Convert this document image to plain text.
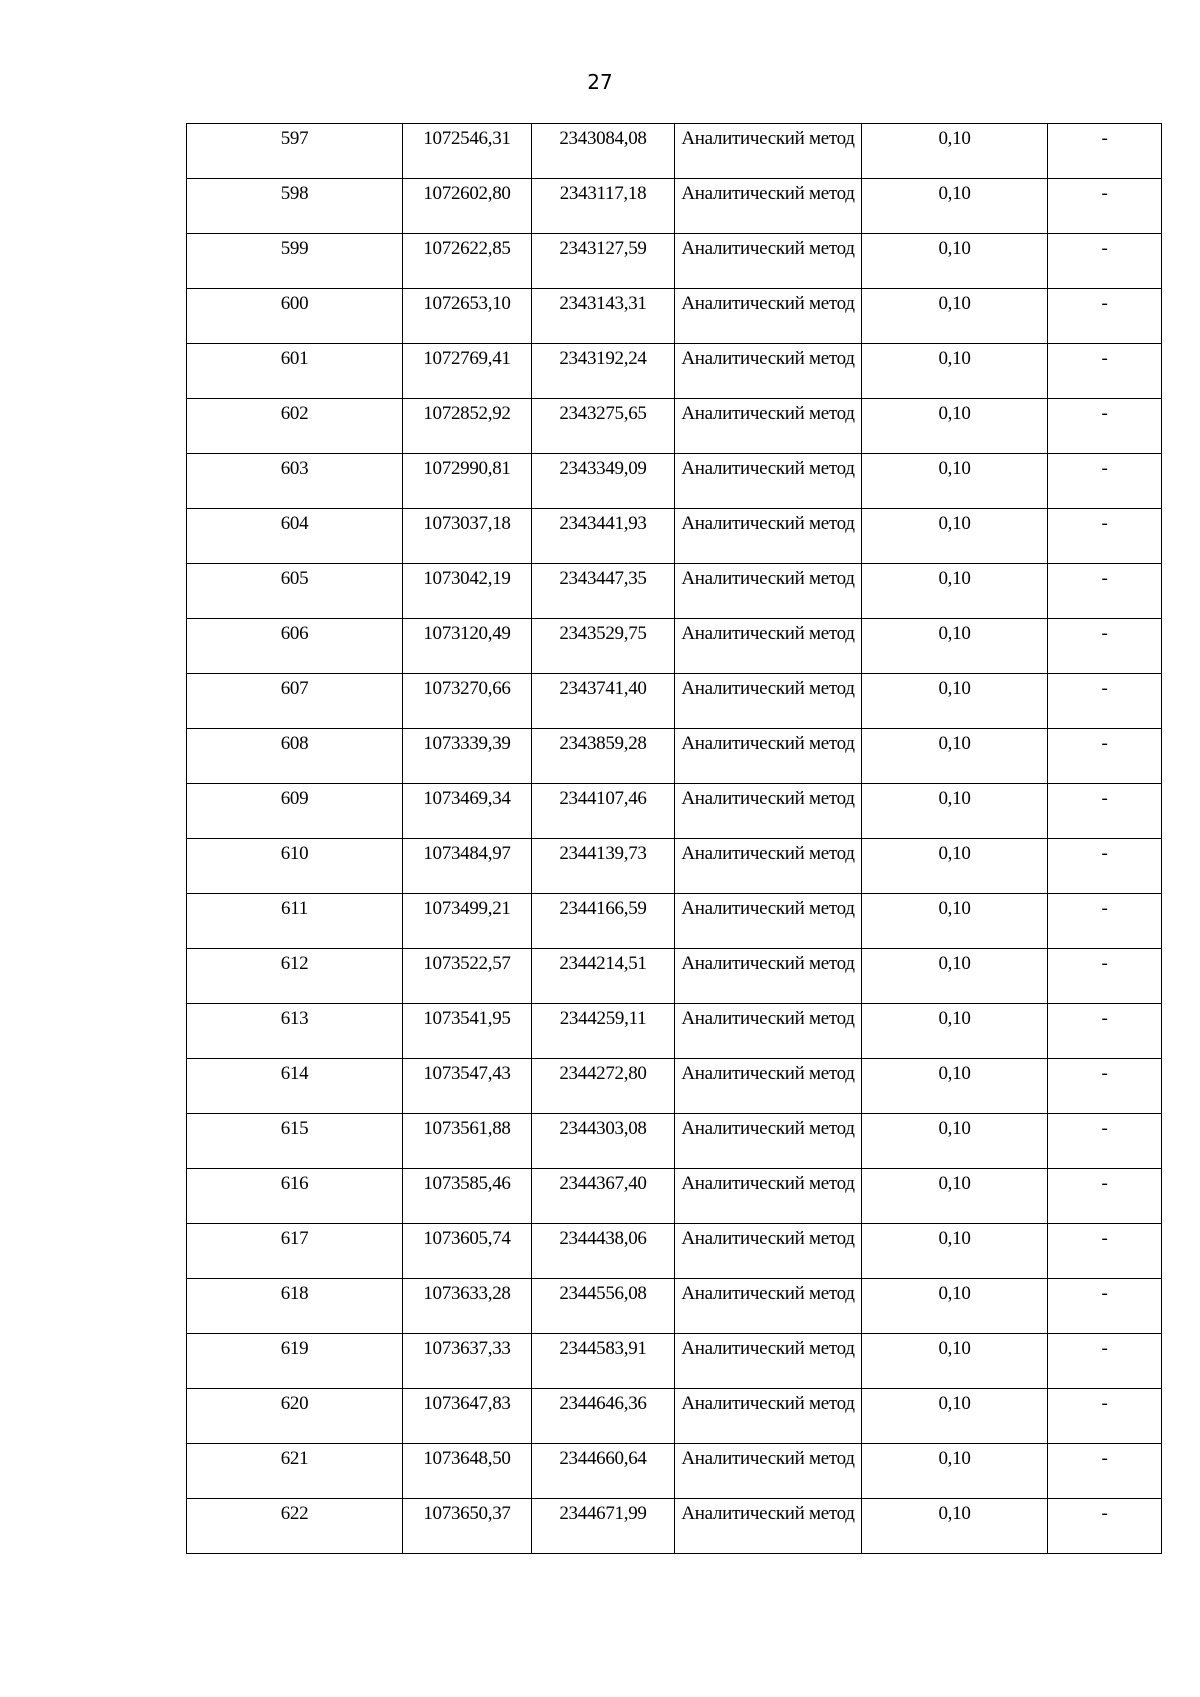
27
597	1072546,31	2343084,08	Аналитический метод	0,10	-
598	1072602,80	2343117,18	Аналитический метод	0,10	-
599	1072622,85	2343127,59	Аналитический метод	0,10	-
600	1072653,10	2343143,31	Аналитический метод	0,10	-
601	1072769,41	2343192,24	Аналитический метод	0,10	-
602	1072852,92	2343275,65	Аналитический метод	0,10	-
603	1072990,81	2343349,09	Аналитический метод	0,10	-
604	1073037,18	2343441,93	Аналитический метод	0,10	-
605	1073042,19	2343447,35	Аналитический метод	0,10	-
606	1073120,49	2343529,75	Аналитический метод	0,10	-
607	1073270,66	2343741,40	Аналитический метод	0,10	-
608	1073339,39	2343859,28	Аналитический метод	0,10	-
609	1073469,34	2344107,46	Аналитический метод	0,10	-
610	1073484,97	2344139,73	Аналитический метод	0,10	-
611	1073499,21	2344166,59	Аналитический метод	0,10	-
612	1073522,57	2344214,51	Аналитический метод	0,10	-
613	1073541,95	2344259,11	Аналитический метод	0,10	-
614	1073547,43	2344272,80	Аналитический метод	0,10	-
615	1073561,88	2344303,08	Аналитический метод	0,10	-
616	1073585,46	2344367,40	Аналитический метод	0,10	-
617	1073605,74	2344438,06	Аналитический метод	0,10	-
618	1073633,28	2344556,08	Аналитический метод	0,10	-
619	1073637,33	2344583,91	Аналитический метод	0,10	-
620	1073647,83	2344646,36	Аналитический метод	0,10	-
621	1073648,50	2344660,64	Аналитический метод	0,10	-
622	1073650,37	2344671,99	Аналитический метод	0,10	-
